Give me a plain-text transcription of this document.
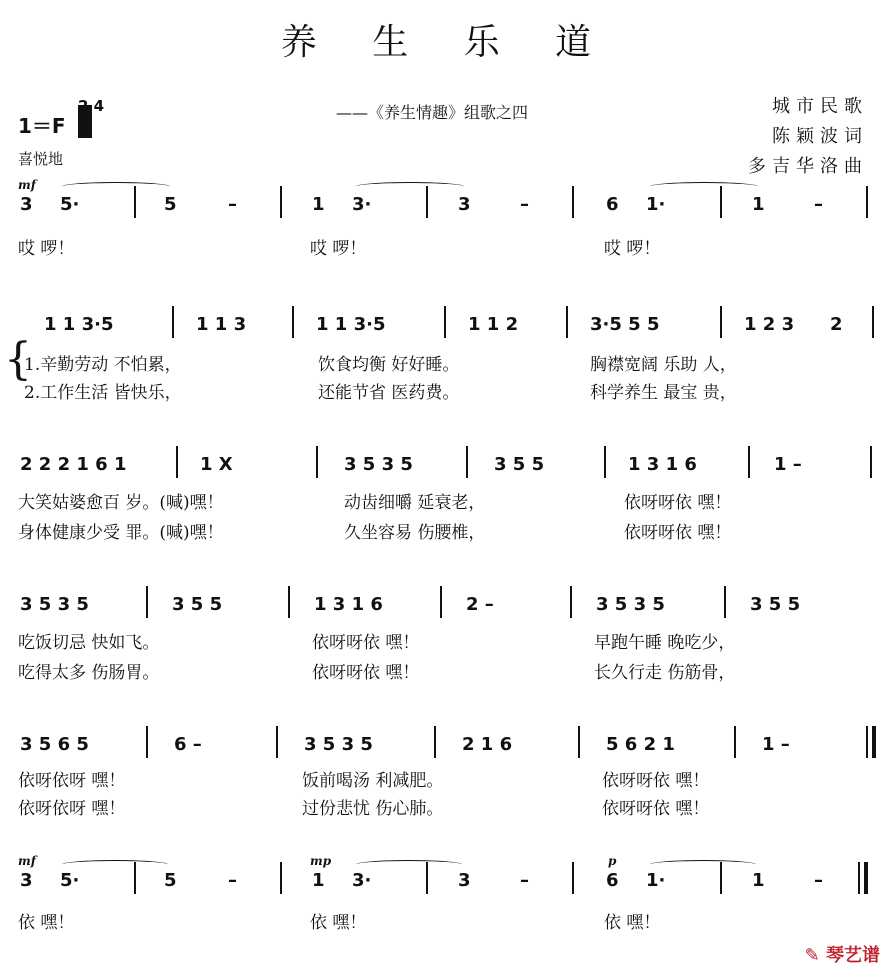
养 生 乐 道
1＝F
4
喜悦地
——《养生情趣》组歌之四	城市民歌
陈颖波词
多吉华洛曲
mf
3 5·	5	–	1 3·	3	–	6 1·	1	–
哎 啰！	哎 啰！	哎 啰！
1 1 3·5	1 1 3	1 1 3·5	1 1 2	3·5 5 5	1 2 3 2
{
1.辛勤劳动 不怕累，	饮食均衡 好好睡。	胸襟宽阔 乐助 人，
2.工作生活 皆快乐，	还能节省 医药费。	科学养生 最宝 贵，
2 2 2 1 6 1	1 X	3 5 3 5	3 5 5	1 3 1 6	1 –
大笑姑婆愈百 岁。(喊)嘿！	动齿细嚼 延衰老，	依呀呀依 嘿！
身体健康少受 罪。(喊)嘿！	久坐容易 伤腰椎，	依呀呀依 嘿！
3 5 3 5	3 5 5	1 3 1 6	2 –	3 5 3 5	3 5 5
吃饭切忌 快如飞。	依呀呀依 嘿！	早跑午睡 晚吃少，
吃得太多 伤肠胃。	依呀呀依 嘿！	长久行走 伤筋骨，
3 5 6 5	6 –	3 5 3 5	2 1 6	5 6 2 1	1 –
依呀依呀 嘿！	饭前喝汤 利减肥。	依呀呀依 嘿！
依呀依呀 嘿！	过份悲忧 伤心肺。	依呀呀依 嘿！
mf	mp	p
3 5·	5	–	1 3·	3	–	6 1·	1	–
依 嘿！	依 嘿！	依 嘿！
✎ 琴艺谱
